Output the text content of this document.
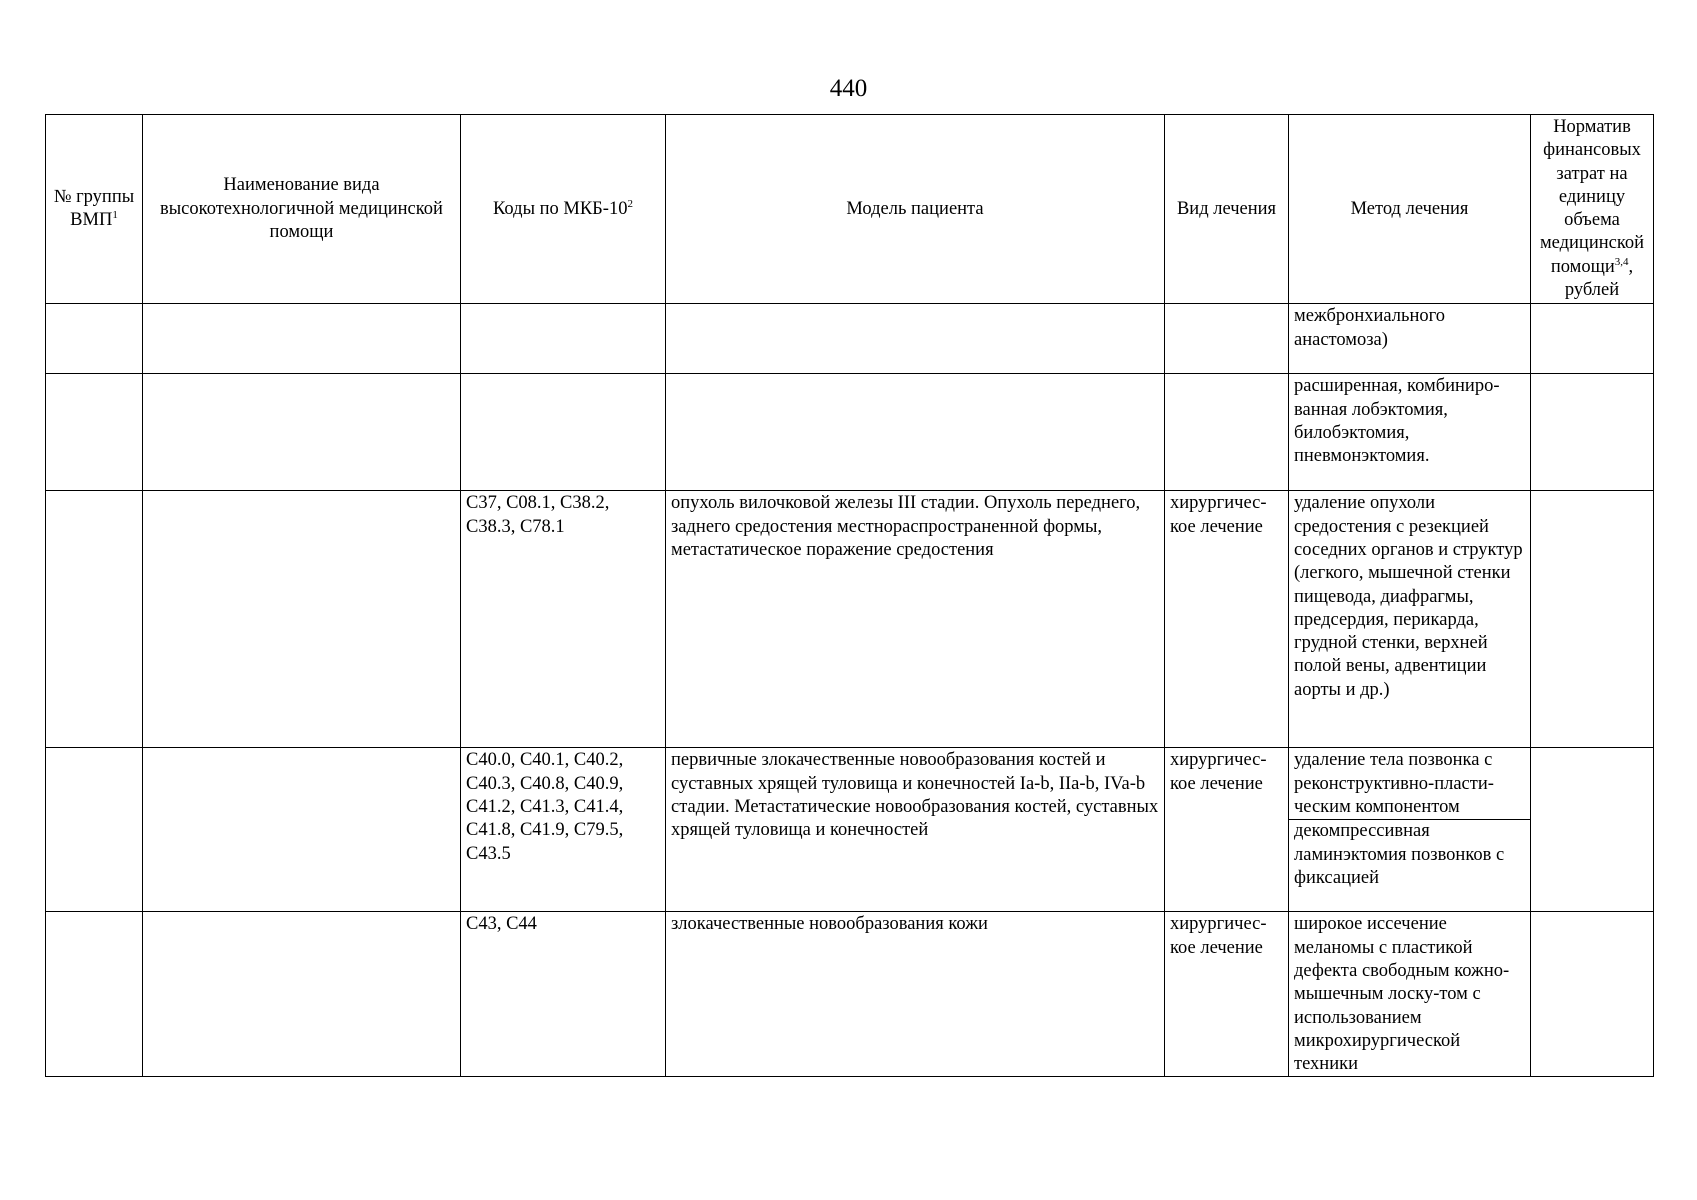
440
№ группы ВМП$^1$	Наименование вида высокотехнологичной медицинской помощи	Коды по МКБ-$10^2$	Модель пациента	Вид лечения	Метод лечения	Норматив финансовых затрат на единицу объема медицинской помощи$^{3,4}$, рублей
					межбронхиального анастомоза)	
					расширенная, комбиниро-ванная лобэктомия, билобэктомия, пневмонэктомия.	
		C37, C08.1, C38.2, C38.3, C78.1	опухоль вилочковой железы III стадии. Опухоль переднего, заднего средостения местнораспространенной формы, метастатическое поражение средостения	хирургичес-кое лечение	удаление опухоли средостения с резекцией соседних органов и структур (легкого, мышечной стенки пищевода, диафрагмы, предсердия, перикарда, грудной стенки, верхней полой вены, адвентиции аорты и др.)	
		C40.0, C40.1, C40.2, C40.3, C40.8, C40.9, C41.2, C41.3, C41.4, C41.8, C41.9, C79.5, C43.5	первичные злокачественные новообразования костей и суставных хрящей туловища и конечностей Ia-b, IIa-b, IVa-b стадии. Метастатические новообразования костей, суставных хрящей туловища и конечностей	хирургичес-кое лечение	удаление тела позвонка с реконструктивно-пласти-ческим компонентом
декомпрессивная ламинэктомия позвонков с фиксацией	

		C43, C44	злокачественные новообразования кожи	хирургичес-кое лечение	широкое иссечение меланомы с пластикой дефекта свободным кожно-мышечным лоску-том с использованием микрохирургической техники	
